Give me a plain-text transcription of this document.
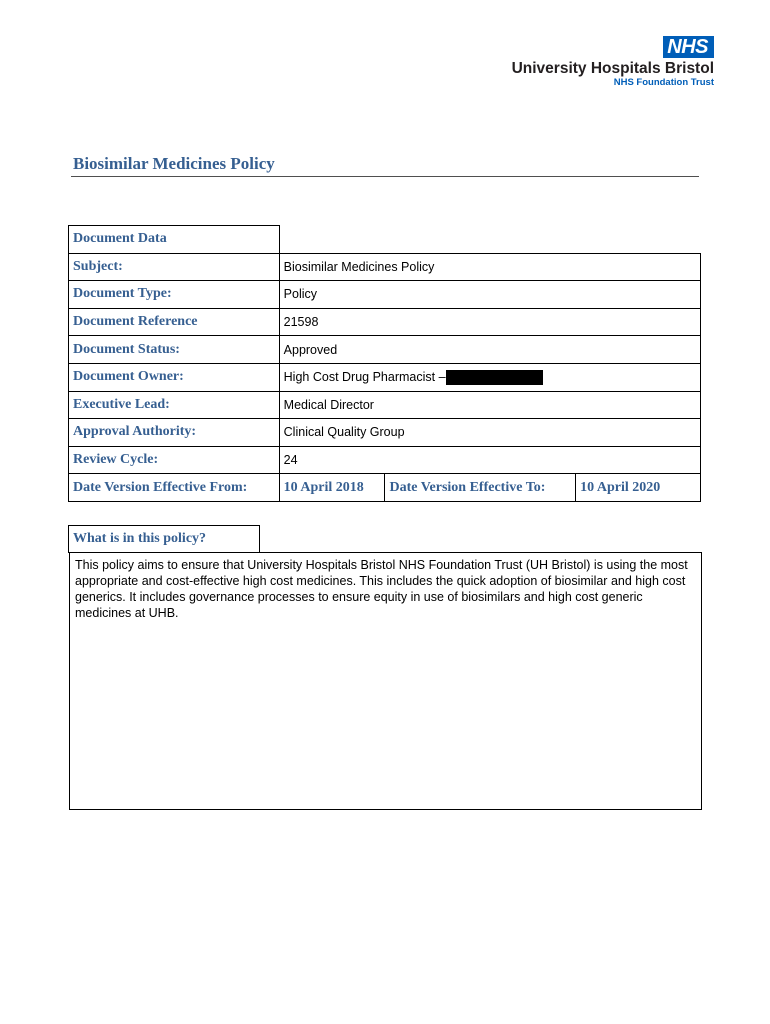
NHS
University Hospitals Bristol
NHS Foundation Trust
Biosimilar Medicines Policy
Document Data			
Subject:	Biosimilar Medicines Policy		
Document Type:	Policy		
Document Reference	21598		
Document Status:	Approved		
Document Owner:	High Cost Drug Pharmacist –		
Executive Lead:	Medical Director		
Approval Authority:	Clinical Quality Group		
Review Cycle:	24		
Date Version Effective From:	10 April 2018	Date Version Effective To:	10 April 2020
What is in this policy?
This policy aims to ensure that University Hospitals Bristol NHS Foundation Trust (UH Bristol) is using the most appropriate and cost-effective high cost medicines. This includes the quick adoption of biosimilar and high cost generics. It includes governance processes to ensure equity in use of biosimilars and high cost generic medicines at UHB.
